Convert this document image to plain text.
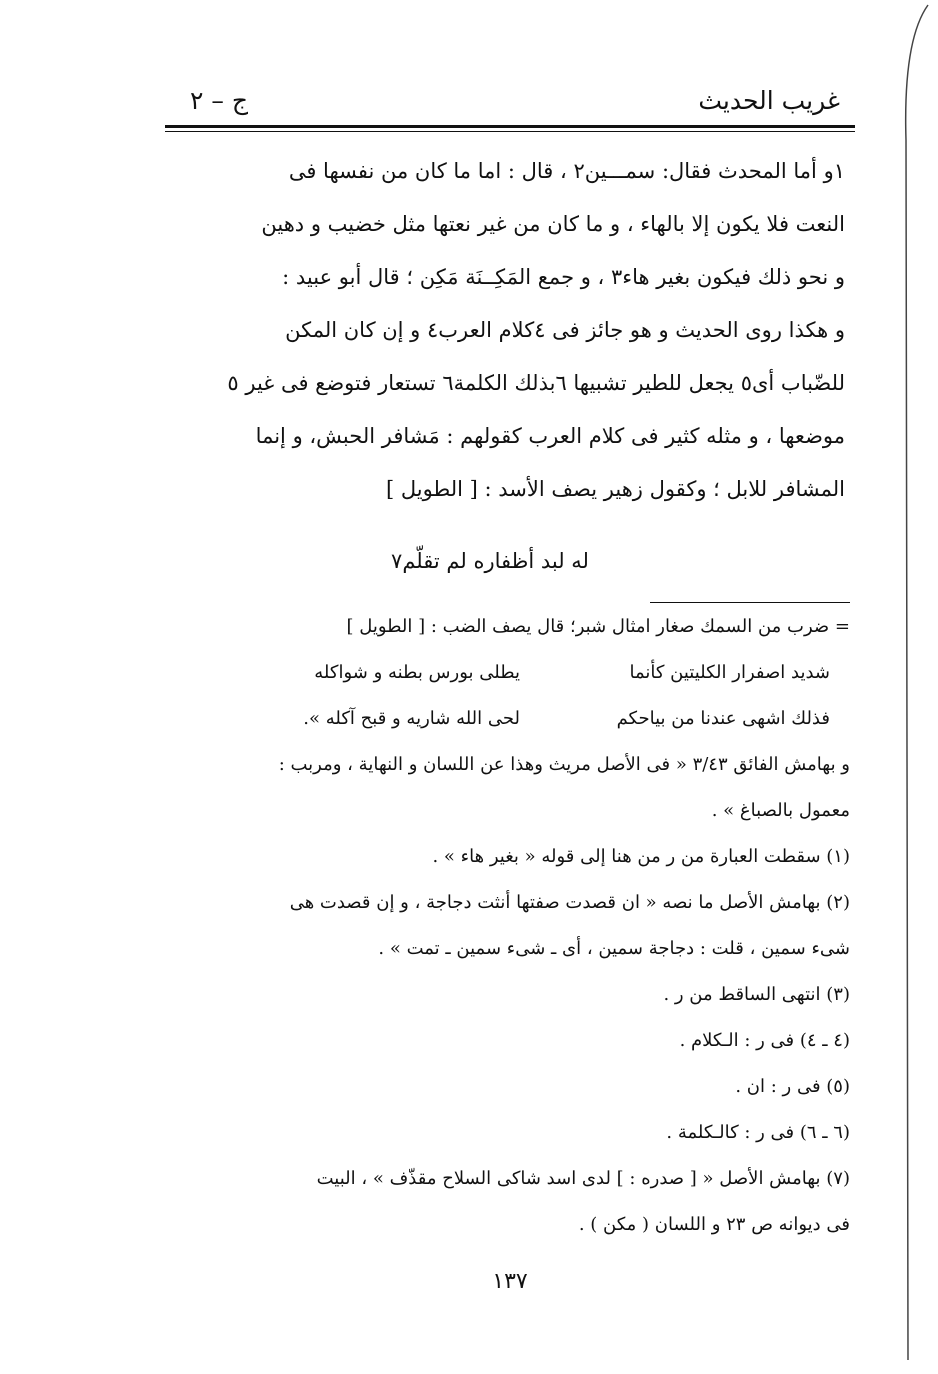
غريب الحديث
ج – ٢
١و أما المحدث فقال: سمـــين٢ ، قال : اما ما كان من نفسها فى
النعت فلا يكون إلا بالهاء ، و ما كان من غير نعتها مثل خضيب و دهين
و نحو ذلك فيكون بغير هاء٣ ، و جمع المَكِــنَة مَكِن ؛ قال أبو عبيد :
و هكذا روى الحديث و هو جائز فى ٤كلام العرب٤ و إن كان المكن
للضّباب أى٥ يجعل للطير تشبيها ٦بذلك الكلمة٦ تستعار فتوضع فى غير ٥
موضعها ، و مثله كثير فى كلام العرب كقولهم : مَشافر الحبش، و إنما
المشافر للابل ؛ وكقول زهير يصف الأسد : [ الطويل ]
له لبد أظفاره لم تقلّم٧
= ضرب من السمك صغار امثال شبر؛ قال يصف الضب : [ الطويل ]
شديد اصفرار الكليتين كأنما
يطلى بورس بطنه و شواكله
فذلك اشهى عندنا من بياحكم
لحى الله شاريه و قبح آكله ».
و بهامش الفائق ٣/٤٣ « فى الأصل مريث وهذا عن اللسان و النهاية ، ومربب :
معمول بالصباغ » .
(١) سقطت العبارة من ر من هنا إلى قوله « بغير هاء » .
(٢) بهامش الأصل ما نصه « ان قصدت صفتها أنثت دجاجة ، و إن قصدت هى
شىء سمين ، قلت : دجاجة سمين ، أى ـ شىء سمين ـ تمت » .
(٣) انتهى الساقط من ر .
(٤ ـ ٤) فى ر : الـكلام .
(٥) فى ر : ان .
(٦ ـ ٦) فى ر : كالـكلمة .
(٧) بهامش الأصل « [ صدره : ] لدى اسد شاكى السلاح مقذّف » ، البيت
فى ديوانه ص ٢٣ و اللسان ( مكن ) .
١٣٧
